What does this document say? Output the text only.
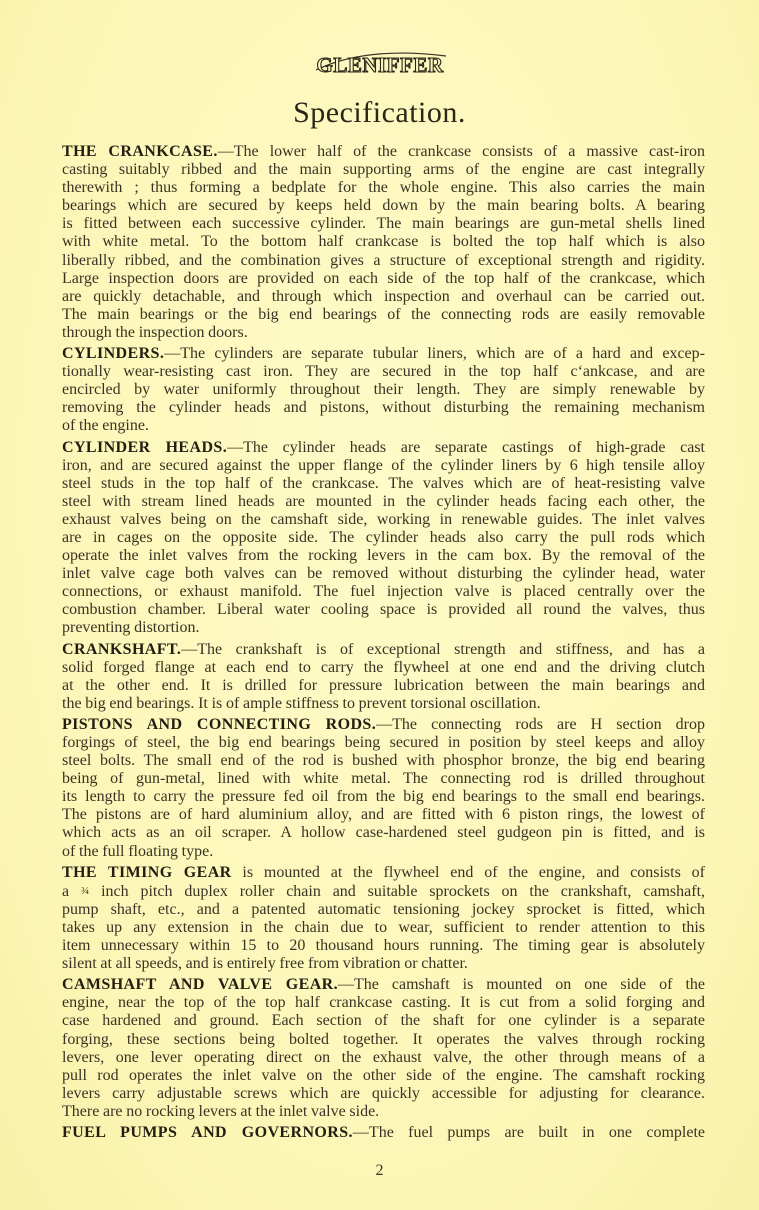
GLENIFFER
Specification.
THE CRANKCASE.—The lower half of the crankcase consists of a massive cast-iron
casting suitably ribbed and the main supporting arms of the engine are cast integrally
therewith ; thus forming a bedplate for the whole engine. This also carries the main
bearings which are secured by keeps held down by the main bearing bolts. A bearing
is fitted between each successive cylinder. The main bearings are gun-metal shells lined
with white metal. To the bottom half crankcase is bolted the top half which is also
liberally ribbed, and the combination gives a structure of exceptional strength and rigidity.
Large inspection doors are provided on each side of the top half of the crankcase, which
are quickly detachable, and through which inspection and overhaul can be carried out.
The main bearings or the big end bearings of the connecting rods are easily removable
through the inspection doors.
CYLINDERS.—The cylinders are separate tubular liners, which are of a hard and excep-
tionally wear-resisting cast iron. They are secured in the top half c‘ankcase, and are
encircled by water uniformly throughout their length. They are simply renewable by
removing the cylinder heads and pistons, without disturbing the remaining mechanism
of the engine.
CYLINDER HEADS.—The cylinder heads are separate castings of high-grade cast
iron, and are secured against the upper flange of the cylinder liners by 6 high tensile alloy
steel studs in the top half of the crankcase. The valves which are of heat-resisting valve
steel with stream lined heads are mounted in the cylinder heads facing each other, the
exhaust valves being on the camshaft side, working in renewable guides. The inlet valves
are in cages on the opposite side. The cylinder heads also carry the pull rods which
operate the inlet valves from the rocking levers in the cam box. By the removal of the
inlet valve cage both valves can be removed without disturbing the cylinder head, water
connections, or exhaust manifold. The fuel injection valve is placed centrally over the
combustion chamber. Liberal water cooling space is provided all round the valves, thus
preventing distortion.
CRANKSHAFT.—The crankshaft is of exceptional strength and stiffness, and has a
solid forged flange at each end to carry the flywheel at one end and the driving clutch
at the other end. It is drilled for pressure lubrication between the main bearings and
the big end bearings. It is of ample stiffness to prevent torsional oscillation.
PISTONS AND CONNECTING RODS.—The connecting rods are H section drop
forgings of steel, the big end bearings being secured in position by steel keeps and alloy
steel bolts. The small end of the rod is bushed with phosphor bronze, the big end bearing
being of gun-metal, lined with white metal. The connecting rod is drilled throughout
its length to carry the pressure fed oil from the big end bearings to the small end bearings.
The pistons are of hard aluminium alloy, and are fitted with 6 piston rings, the lowest of
which acts as an oil scraper. A hollow case-hardened steel gudgeon pin is fitted, and is
of the full floating type.
THE TIMING GEAR is mounted at the flywheel end of the engine, and consists of
a ¾ inch pitch duplex roller chain and suitable sprockets on the crankshaft, camshaft,
pump shaft, etc., and a patented automatic tensioning jockey sprocket is fitted, which
takes up any extension in the chain due to wear, sufficient to render attention to this
item unnecessary within 15 to 20 thousand hours running. The timing gear is absolutely
silent at all speeds, and is entirely free from vibration or chatter.
CAMSHAFT AND VALVE GEAR.—The camshaft is mounted on one side of the
engine, near the top of the top half crankcase casting. It is cut from a solid forging and
case hardened and ground. Each section of the shaft for one cylinder is a separate
forging, these sections being bolted together. It operates the valves through rocking
levers, one lever operating direct on the exhaust valve, the other through means of a
pull rod operates the inlet valve on the other side of the engine. The camshaft rocking
levers carry adjustable screws which are quickly accessible for adjusting for clearance.
There are no rocking levers at the inlet valve side.
FUEL PUMPS AND GOVERNORS.—The fuel pumps are built in one complete
2
